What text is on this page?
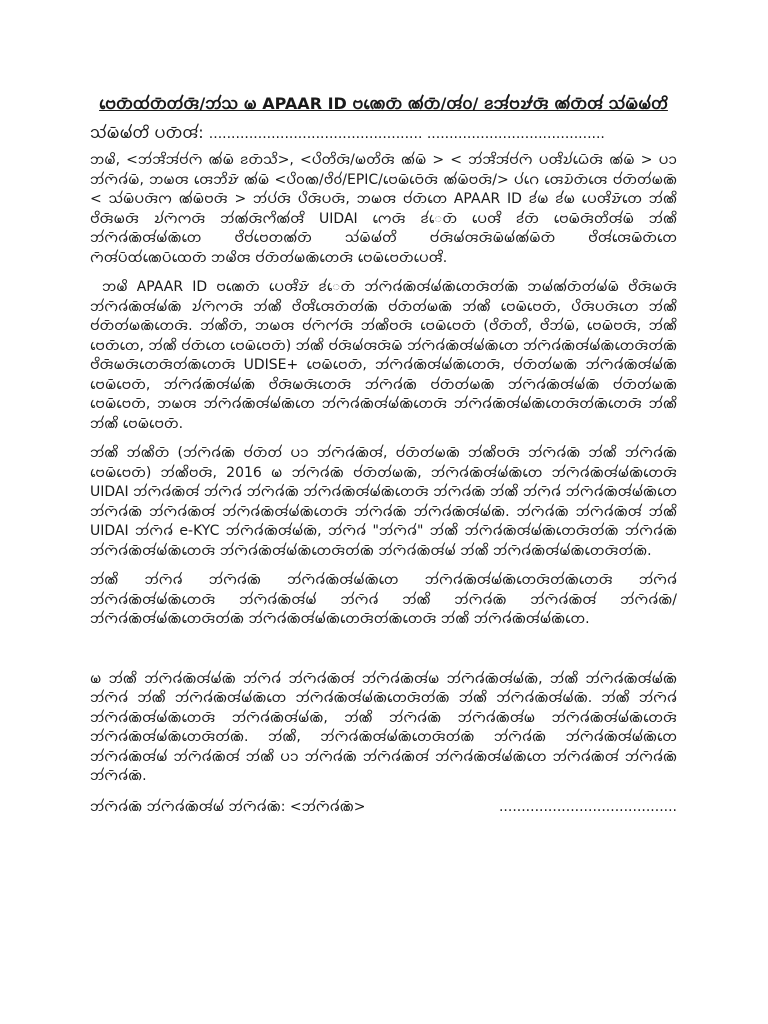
𑄝𑄬𑄖𑄴𑄗𑄧𑄖𑄴𑄖𑄧𑄢𑄴/𑄃𑄧𑄥 𑄟 APAAR ID 𑄝𑄚𑄬𑄖𑄴 𑄚𑄧𑄖𑄴/𑄢𑄧𑄤/ 𑄅𑄞𑄧𑄧𑄝𑄏𑄧𑄢𑄴 𑄚𑄧𑄖𑄴𑄢𑄧 𑄥𑄧𑄟𑄴𑄟𑄧𑄖𑄨
𑄥𑄧𑄟𑄴𑄟𑄧𑄖𑄨 𑄛𑄖𑄴𑄢𑄧: ................................................ ........................................

𑄃𑄟𑄨, <𑄃𑄧𑄞𑄨𑄞𑄧𑄝𑄧𑄇𑄴 𑄚𑄧𑄟𑄴 𑄅𑄖𑄴𑄥𑄨>, <𑄛𑄨𑄖𑄨𑄢𑄴/𑄟𑄖𑄨𑄢𑄴 𑄚𑄧𑄟𑄴 > < 𑄃𑄧𑄞𑄨𑄞𑄧𑄝𑄧𑄇𑄴 𑄛𑄢𑄨𑄌𑄧𑄠𑄴𑄬𑄢𑄴 𑄚𑄧𑄟𑄴 > 𑄛𑄘 𑄃𑄧𑄇𑄴𑄈𑄧𑄟𑄴, 𑄃𑄟𑄢 𑄢𑄬𑄃𑄨𑄏𑄴 𑄚𑄧𑄟𑄴 <𑄛𑄨𑄤𑄚/𑄝𑄨𑄤𑄧/EPIC/𑄝𑄬𑄟𑄴𑄝𑄴𑄬𑄢𑄴 𑄚𑄧𑄟𑄴𑄝𑄢𑄴/> 𑄛𑄧𑄉𑄬 𑄢𑄬𑄌𑄴𑄖𑄴𑄢𑄬 𑄝𑄧𑄖𑄴𑄖𑄧𑄟𑄚𑄴 < 𑄥𑄧𑄟𑄴𑄛𑄢𑄴𑄇 𑄚𑄧𑄟𑄴𑄝𑄢𑄴 > 𑄃𑄧𑄛𑄧𑄢𑄴 𑄛𑄨𑄢𑄴𑄛𑄢𑄴, 𑄃𑄟𑄢 𑄝𑄧𑄖𑄴𑄖𑄬 APAAR ID 𑄅𑄧𑄧𑄟 𑄅𑄧𑄧𑄟 𑄛𑄬𑄢𑄨𑄏𑄴𑄖𑄬 𑄃𑄧𑄚𑄨 𑄝𑄨𑄢𑄴𑄟𑄢𑄴 𑄌𑄧𑄇𑄴𑄇𑄢𑄴 𑄃𑄧𑄚𑄧𑄢𑄴𑄇𑄨𑄚𑄧𑄢𑄨 UIDAI 𑄇𑄬𑄢𑄴 𑄅𑄧𑄬𑄖𑄴 𑄛𑄬𑄢𑄨 𑄅𑄧𑄧𑄖𑄴 𑄝𑄬𑄟𑄴𑄢𑄴𑄖𑄨𑄢𑄧𑄟𑄴 𑄃𑄧𑄚𑄨 𑄃𑄧𑄇𑄴𑄈𑄧𑄚𑄴𑄢𑄧𑄟𑄧𑄚𑄴𑄖𑄬 𑄝𑄨𑄝𑄧𑄝𑄬𑄖𑄚𑄧𑄖𑄴 𑄥𑄧𑄟𑄴𑄟𑄧𑄖𑄨 𑄝𑄧𑄢𑄴𑄟𑄧𑄢𑄢𑄴𑄟𑄴𑄟𑄧𑄚𑄧𑄟𑄴𑄖𑄴 𑄝𑄨𑄢𑄧𑄢𑄬𑄟𑄴𑄖𑄴𑄖𑄬 𑄇𑄴𑄢𑄧𑄛𑄴𑄗𑄧𑄚𑄬𑄛𑄴𑄗𑄬𑄖𑄴 𑄃𑄟𑄨𑄢 𑄝𑄧𑄖𑄴𑄖𑄧𑄟𑄚𑄴𑄖𑄬𑄢𑄴 𑄝𑄬𑄟𑄴𑄝𑄬𑄖𑄴𑄛𑄬𑄢𑄨.

𑄃𑄟𑄨 APAAR ID 𑄝𑄚𑄬𑄖𑄴 𑄛𑄬𑄢𑄨𑄏𑄴 𑄅𑄧𑄬𑄖𑄴 𑄃𑄧𑄇𑄴𑄈𑄧𑄚𑄴𑄢𑄧𑄟𑄧𑄚𑄴𑄖𑄬𑄢𑄴𑄖𑄧𑄚𑄴 𑄃𑄟𑄧𑄚𑄧𑄖𑄴𑄖𑄧𑄟𑄧𑄟𑄴 𑄝𑄨𑄢𑄴𑄟𑄢𑄴 𑄃𑄧𑄇𑄴𑄈𑄧𑄚𑄴𑄢𑄧𑄟𑄧𑄚𑄴 𑄌𑄧𑄇𑄴𑄇𑄢𑄴 𑄃𑄧𑄚𑄨 𑄝𑄨𑄢𑄨𑄢𑄬𑄖𑄴𑄖𑄧𑄚𑄴 𑄝𑄧𑄖𑄴𑄖𑄧𑄟𑄚𑄴 𑄃𑄧𑄚𑄨 𑄝𑄬𑄟𑄴𑄝𑄬𑄖𑄴, 𑄛𑄨𑄢𑄴𑄛𑄢𑄴𑄖𑄬 𑄃𑄧𑄚𑄨 𑄝𑄧𑄖𑄴𑄖𑄧𑄟𑄚𑄴𑄖𑄬𑄢𑄴. 𑄃𑄧𑄚𑄨𑄖𑄴, 𑄃𑄟𑄢 𑄝𑄧𑄇𑄴𑄇𑄧𑄢𑄴 𑄃𑄧𑄚𑄨𑄝𑄢𑄴 𑄝𑄬𑄟𑄴𑄝𑄬𑄖𑄴 (𑄝𑄨𑄖𑄴𑄖𑄨, 𑄝𑄨𑄃𑄧𑄟𑄴, 𑄝𑄬𑄟𑄴𑄝𑄢𑄴, 𑄃𑄧𑄚𑄨 𑄝𑄬𑄖𑄴𑄖𑄬, 𑄃𑄧𑄚𑄨 𑄝𑄧𑄖𑄴𑄖𑄬 𑄝𑄬𑄟𑄴𑄝𑄬𑄖𑄴) 𑄃𑄧𑄚𑄨 𑄝𑄧𑄢𑄴𑄟𑄧𑄢𑄢𑄴𑄟𑄴 𑄃𑄧𑄇𑄴𑄈𑄧𑄚𑄴𑄢𑄧𑄟𑄧𑄚𑄴𑄖𑄬 𑄃𑄧𑄇𑄴𑄈𑄧𑄚𑄴𑄢𑄧𑄟𑄧𑄚𑄴𑄖𑄬𑄢𑄴𑄖𑄧𑄚𑄴 𑄝𑄨𑄢𑄴𑄟𑄢𑄴𑄖𑄬𑄢𑄴𑄖𑄧𑄚𑄴𑄖𑄬𑄢𑄴 UDISE+ 𑄝𑄬𑄟𑄴𑄝𑄬𑄖𑄴, 𑄃𑄧𑄇𑄴𑄈𑄧𑄚𑄴𑄢𑄧𑄟𑄧𑄚𑄴𑄖𑄬𑄢𑄴, 𑄝𑄧𑄖𑄴𑄖𑄧𑄟𑄚𑄴 𑄃𑄧𑄇𑄴𑄈𑄧𑄚𑄴𑄢𑄧𑄟𑄧𑄚𑄴 𑄝𑄬𑄟𑄴𑄝𑄬𑄖𑄴, 𑄃𑄧𑄇𑄴𑄈𑄧𑄚𑄴𑄢𑄧𑄟𑄧𑄚𑄴 𑄝𑄨𑄢𑄴𑄟𑄢𑄴𑄖𑄬𑄢𑄴 𑄃𑄧𑄇𑄴𑄈𑄧𑄚𑄴 𑄝𑄧𑄖𑄴𑄖𑄧𑄟𑄚𑄴 𑄃𑄧𑄇𑄴𑄈𑄧𑄚𑄴𑄢𑄧𑄟𑄧𑄚𑄴 𑄝𑄧𑄖𑄴𑄖𑄧𑄟𑄚𑄴 𑄝𑄬𑄟𑄴𑄝𑄬𑄖𑄴, 𑄃𑄟𑄢 𑄃𑄧𑄇𑄴𑄈𑄧𑄚𑄴𑄢𑄧𑄟𑄧𑄚𑄴𑄖𑄬 𑄃𑄧𑄇𑄴𑄈𑄧𑄚𑄴𑄢𑄧𑄟𑄧𑄚𑄴𑄖𑄬𑄢𑄴 𑄃𑄧𑄇𑄴𑄈𑄧𑄚𑄴𑄢𑄧𑄟𑄧𑄚𑄴𑄖𑄬𑄢𑄴𑄖𑄧𑄚𑄴𑄖𑄬𑄢𑄴 𑄃𑄧𑄚𑄨 𑄃𑄧𑄚𑄨 𑄝𑄬𑄟𑄴𑄝𑄬𑄖𑄴.

𑄃𑄧𑄚𑄨 𑄃𑄧𑄚𑄨𑄖𑄴 (𑄃𑄧𑄇𑄴𑄈𑄧𑄚𑄴 𑄝𑄧𑄖𑄴𑄖𑄧 𑄛𑄘 𑄃𑄧𑄇𑄴𑄈𑄧𑄚𑄴𑄢𑄧, 𑄝𑄧𑄖𑄴𑄖𑄧𑄟𑄚𑄴 𑄃𑄧𑄚𑄨𑄝𑄢𑄴 𑄃𑄧𑄇𑄴𑄈𑄧𑄚𑄴 𑄃𑄧𑄚𑄨 𑄃𑄧𑄇𑄴𑄈𑄧𑄚𑄴 𑄝𑄬𑄟𑄴𑄝𑄬𑄖𑄴) 𑄃𑄧𑄚𑄨𑄝𑄢𑄴, 2016 𑄟 𑄃𑄧𑄇𑄴𑄈𑄧𑄚𑄴 𑄝𑄧𑄖𑄴𑄖𑄧𑄟𑄚𑄴, 𑄃𑄧𑄇𑄴𑄈𑄧𑄚𑄴𑄢𑄧𑄟𑄧𑄚𑄴𑄖𑄬 𑄃𑄧𑄇𑄴𑄈𑄧𑄚𑄴𑄢𑄧𑄟𑄧𑄚𑄴𑄖𑄬𑄢𑄴 UIDAI 𑄃𑄧𑄇𑄴𑄈𑄧𑄚𑄴𑄢𑄧 𑄃𑄧𑄇𑄴𑄈𑄧 𑄃𑄧𑄇𑄴𑄈𑄧𑄚𑄴 𑄃𑄧𑄇𑄴𑄈𑄧𑄚𑄴𑄢𑄧𑄟𑄧𑄚𑄴𑄖𑄬𑄢𑄴 𑄃𑄧𑄇𑄴𑄈𑄧𑄚𑄴 𑄃𑄧𑄚𑄨 𑄃𑄧𑄇𑄴𑄈𑄧 𑄃𑄧𑄇𑄴𑄈𑄧𑄚𑄴𑄢𑄧𑄟𑄧𑄚𑄴𑄖𑄬 𑄃𑄧𑄇𑄴𑄈𑄧𑄚𑄴 𑄃𑄧𑄇𑄴𑄈𑄧𑄚𑄴𑄢𑄧 𑄃𑄧𑄇𑄴𑄈𑄧𑄚𑄴𑄢𑄧𑄟𑄧𑄚𑄴𑄖𑄬𑄢𑄴 𑄃𑄧𑄇𑄴𑄈𑄧𑄚𑄴 𑄃𑄧𑄇𑄴𑄈𑄧𑄚𑄴𑄢𑄧𑄟𑄧𑄚𑄴. 𑄃𑄧𑄇𑄴𑄈𑄧𑄚𑄴 𑄃𑄧𑄇𑄴𑄈𑄧𑄚𑄴𑄢𑄧 𑄃𑄧𑄚𑄨 UIDAI 𑄃𑄧𑄇𑄴𑄈𑄧 e-KYC 𑄃𑄧𑄇𑄴𑄈𑄧𑄚𑄴𑄢𑄧𑄟𑄧𑄚𑄴, 𑄃𑄧𑄇𑄴𑄈𑄧 "𑄃𑄧𑄇𑄴𑄈𑄧" 𑄃𑄧𑄚𑄨 𑄃𑄧𑄇𑄴𑄈𑄧𑄚𑄴𑄢𑄧𑄟𑄧𑄚𑄴𑄖𑄬𑄢𑄴𑄖𑄧𑄚𑄴 𑄃𑄧𑄇𑄴𑄈𑄧𑄚𑄴 𑄃𑄧𑄇𑄴𑄈𑄧𑄚𑄴𑄢𑄧𑄟𑄧𑄚𑄴𑄖𑄬𑄢𑄴 𑄃𑄧𑄇𑄴𑄈𑄧𑄚𑄴𑄢𑄧𑄟𑄧𑄚𑄴𑄖𑄬𑄢𑄴𑄖𑄧𑄚𑄴 𑄃𑄧𑄇𑄴𑄈𑄧𑄚𑄴𑄢𑄧𑄟𑄧 𑄃𑄧𑄚𑄨 𑄃𑄧𑄇𑄴𑄈𑄧𑄚𑄴𑄢𑄧𑄟𑄧𑄚𑄴𑄖𑄬𑄢𑄴𑄖𑄧𑄚𑄴.

𑄃𑄧𑄚𑄨 𑄃𑄧𑄇𑄴𑄈𑄧 𑄃𑄧𑄇𑄴𑄈𑄧𑄚𑄴 𑄃𑄧𑄇𑄴𑄈𑄧𑄚𑄴𑄢𑄧𑄟𑄧𑄚𑄴𑄖𑄬 𑄃𑄧𑄇𑄴𑄈𑄧𑄚𑄴𑄢𑄧𑄟𑄧𑄚𑄴𑄖𑄬𑄢𑄴𑄖𑄧𑄚𑄴𑄖𑄬𑄢𑄴 𑄃𑄧𑄇𑄴𑄈𑄧 𑄃𑄧𑄇𑄴𑄈𑄧𑄚𑄴𑄢𑄧𑄟𑄧𑄚𑄴𑄖𑄬𑄢𑄴 𑄃𑄧𑄇𑄴𑄈𑄧𑄚𑄴𑄢𑄧𑄟𑄧 𑄃𑄧𑄇𑄴𑄈𑄧 𑄃𑄧𑄚𑄨 𑄃𑄧𑄇𑄴𑄈𑄧𑄚𑄴 𑄃𑄧𑄇𑄴𑄈𑄧𑄚𑄴𑄢𑄧 𑄃𑄧𑄇𑄴𑄈𑄧𑄚𑄴/𑄃𑄧𑄇𑄴𑄈𑄧𑄚𑄴𑄢𑄧𑄟𑄧𑄚𑄴𑄖𑄬𑄢𑄴𑄖𑄧𑄚𑄴 𑄃𑄧𑄇𑄴𑄈𑄧𑄚𑄴𑄢𑄧𑄟𑄧𑄚𑄴𑄖𑄬𑄢𑄴𑄖𑄧𑄚𑄴𑄖𑄬𑄢𑄴 𑄃𑄧𑄚𑄨 𑄃𑄧𑄇𑄴𑄈𑄧𑄚𑄴𑄢𑄧𑄟𑄧𑄚𑄴𑄖𑄬.

𑄟 𑄃𑄧𑄚𑄨 𑄃𑄧𑄇𑄴𑄈𑄧𑄚𑄴𑄢𑄧𑄟𑄧𑄚𑄴 𑄃𑄧𑄇𑄴𑄈𑄧 𑄃𑄧𑄇𑄴𑄈𑄧𑄚𑄴𑄢𑄧 𑄃𑄧𑄇𑄴𑄈𑄧𑄚𑄴𑄢𑄧𑄟 𑄃𑄧𑄇𑄴𑄈𑄧𑄚𑄴𑄢𑄧𑄟𑄧𑄚𑄴, 𑄃𑄧𑄚𑄨 𑄃𑄧𑄇𑄴𑄈𑄧𑄚𑄴𑄢𑄧𑄟𑄧𑄚𑄴 𑄃𑄧𑄇𑄴𑄈𑄧 𑄃𑄧𑄚𑄨 𑄃𑄧𑄇𑄴𑄈𑄧𑄚𑄴𑄢𑄧𑄟𑄧𑄚𑄴𑄖𑄬 𑄃𑄧𑄇𑄴𑄈𑄧𑄚𑄴𑄢𑄧𑄟𑄧𑄚𑄴𑄖𑄬𑄢𑄴𑄖𑄧𑄚𑄴 𑄃𑄧𑄚𑄨 𑄃𑄧𑄇𑄴𑄈𑄧𑄚𑄴𑄢𑄧𑄟𑄧𑄚𑄴. 𑄃𑄧𑄚𑄨 𑄃𑄧𑄇𑄴𑄈𑄧 𑄃𑄧𑄇𑄴𑄈𑄧𑄚𑄴𑄢𑄧𑄟𑄧𑄚𑄴𑄖𑄬𑄢𑄴 𑄃𑄧𑄇𑄴𑄈𑄧𑄚𑄴𑄢𑄧𑄟𑄧𑄚𑄴, 𑄃𑄧𑄚𑄨 𑄃𑄧𑄇𑄴𑄈𑄧𑄚𑄴 𑄃𑄧𑄇𑄴𑄈𑄧𑄚𑄴𑄢𑄧𑄟 𑄃𑄧𑄇𑄴𑄈𑄧𑄚𑄴𑄢𑄧𑄟𑄧𑄚𑄴𑄖𑄬𑄢𑄴 𑄃𑄧𑄇𑄴𑄈𑄧𑄚𑄴𑄢𑄧𑄟𑄧𑄚𑄴𑄖𑄬𑄢𑄴𑄖𑄧𑄚𑄴. 𑄃𑄧𑄚𑄨, 𑄃𑄧𑄇𑄴𑄈𑄧𑄚𑄴𑄢𑄧𑄟𑄧𑄚𑄴𑄖𑄬𑄢𑄴𑄖𑄧𑄚𑄴 𑄃𑄧𑄇𑄴𑄈𑄧𑄚𑄴 𑄃𑄧𑄇𑄴𑄈𑄧𑄚𑄴𑄢𑄧𑄟𑄧𑄚𑄴𑄖𑄬 𑄃𑄧𑄇𑄴𑄈𑄧𑄚𑄴𑄢𑄧𑄟𑄧 𑄃𑄧𑄇𑄴𑄈𑄧𑄚𑄴𑄢𑄧 𑄃𑄧𑄚𑄨 𑄛𑄘 𑄃𑄧𑄇𑄴𑄈𑄧𑄚𑄴 𑄃𑄧𑄇𑄴𑄈𑄧𑄚𑄴𑄢𑄧 𑄃𑄧𑄇𑄴𑄈𑄧𑄚𑄴𑄢𑄧𑄟𑄧𑄚𑄴𑄖𑄬 𑄃𑄧𑄇𑄴𑄈𑄧𑄚𑄴𑄢𑄧 𑄃𑄧𑄇𑄴𑄈𑄧𑄚𑄴 𑄃𑄧𑄇𑄴𑄈𑄧𑄚𑄴.

𑄃𑄧𑄇𑄴𑄈𑄧𑄚𑄴 𑄃𑄧𑄇𑄴𑄈𑄧𑄚𑄴𑄢𑄧𑄟𑄧 𑄃𑄧𑄇𑄴𑄈𑄧𑄚𑄴: <𑄃𑄧𑄇𑄴𑄈𑄧𑄚𑄴>	........................................
